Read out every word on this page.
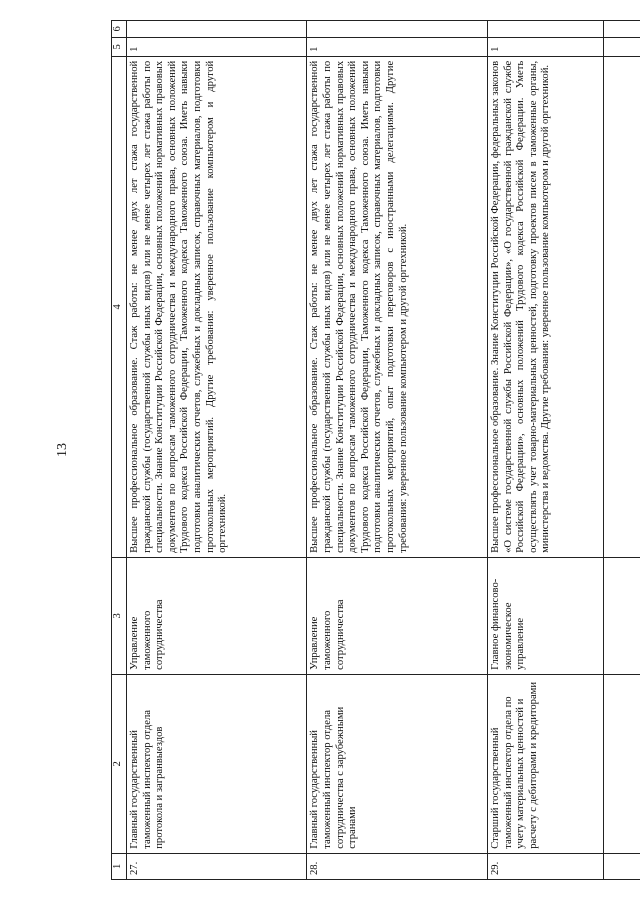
13
1	2	3	4	5	6
27.	Главный государственный таможенный инспектор отдела протокола и загранвыездов	Управление таможенного сотрудничества	Высшее профессиональное образование. Стаж работы: не менее двух лет стажа государственной гражданской службы (государственной службы иных видов) или не менее четырех лет стажа работы по специальности. Знание Конституции Российской Федерации, основных положений нормативных правовых документов по вопросам таможенного сотрудничества и международного права, основных положений Трудового кодекса Российской Федерации, Таможенного кодекса Таможенного союза. Иметь навыки подготовки аналитических отчетов, служебных и докладных записок, справочных материалов, подготовки протокольных мероприятий. Другие требования: уверенное пользование компьютером и другой оргтехникой.	1	
28.	Главный государственный таможенный инспектор отдела сотрудничества с зарубежными странами	Управление таможенного сотрудничества	Высшее профессиональное образование. Стаж работы: не менее двух лет стажа государственной гражданской службы (государственной службы иных видов) или не менее четырех лет стажа работы по специальности. Знание Конституции Российской Федерации, основных положений нормативных правовых документов по вопросам таможенного сотрудничества и международного права, основных положений Трудового кодекса Российской Федерации, Таможенного кодекса Таможенного союза. Иметь навыки подготовки аналитических отчетов, служебных и докладных записок, справочных материалов, подготовки протокольных мероприятий, опыт подготовки переговоров с иностранными делегациями. Другие требования: уверенное пользование компьютером и другой оргтехникой.	1	
29.	Старший государственный таможенный инспектор отдела по учету материальных ценностей и расчету с дебиторами и кредиторами	Главное финансово-экономическое управление	Высшее профессиональное образование. Знание Конституции Российской Федерации, федеральных законов «О системе государственной службы Российской Федерации», «О государственной гражданской службе Российской Федерации», основных положений Трудового кодекса Российской Федерации. Уметь осуществлять учет товарно-материальных ценностей, подготовку проектов писем в таможенные органы, министерства и ведомства. Другие требования: уверенное пользование компьютером и другой оргтехникой.	1	
